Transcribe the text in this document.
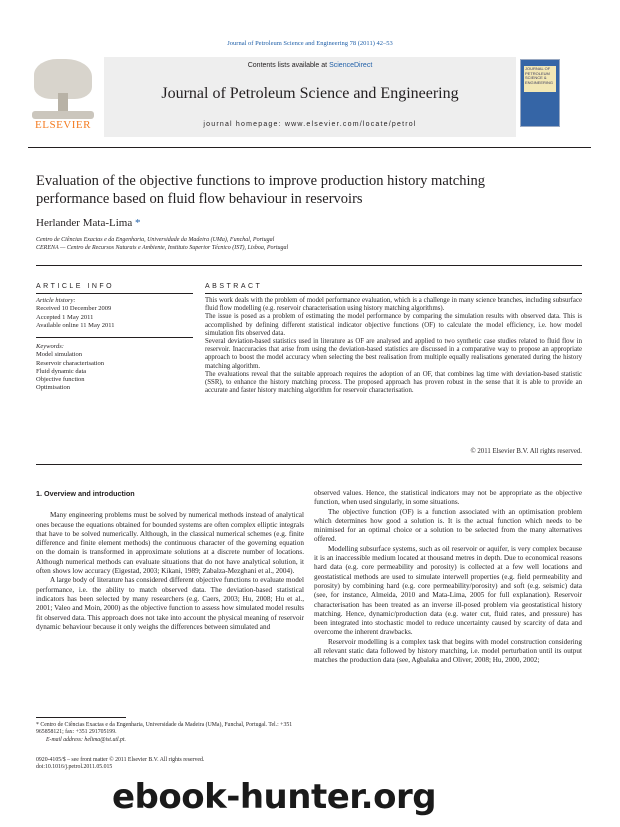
Journal of Petroleum Science and Engineering 78 (2011) 42–53
ELSEVIER
Contents lists available at ScienceDirect
Journal of Petroleum Science and Engineering
journal homepage: www.elsevier.com/locate/petrol
JOURNAL OF PETROLEUM SCIENCE & ENGINEERING
Evaluation of the objective functions to improve production history matching performance based on fluid flow behaviour in reservoirs
Herlander Mata-Lima *
Centro de Ciências Exactas e da Engenharia, Universidade da Madeira (UMa), Funchal, Portugal
CERENA — Centro de Recursos Naturais e Ambiente, Instituto Superior Técnico (IST), Lisboa, Portugal
ARTICLE INFO	ABSTRACT
Article history:
Received 10 December 2009
Accepted 1 May 2011
Available online 11 May 2011
Keywords:
Model simulation
Reservoir characterisation
Fluid dynamic data
Objective function
Optimisation

This work deals with the problem of model performance evaluation, which is a challenge in many science branches, including subsurface fluid flow modelling (e.g. reservoir characterisation using history matching algorithms).

The issue is posed as a problem of estimating the model performance by comparing the simulation results with observed data. This is accomplished by defining different statistical indicator objective functions (OF) to calculate the model efficiency, i.e. how model simulation fits observed data.

Several deviation-based statistics used in literature as OF are analysed and applied to two synthetic case studies related to fluid flow in reservoir. Inaccuracies that arise from using the deviation-based statistics are discussed in a comparative way to propose an appropriate approach to boost the model accuracy when selecting the best realisation from multiple equally realisations generated during the history matching algorithm.

The evaluations reveal that the suitable approach requires the adoption of an OF, that combines lag time with deviation-based statistic (SSR), to enhance the history matching process. The proposed approach has proven robust in the sense that it is able to provide an accurate and faster history matching algorithm for reservoir characterisation.

© 2011 Elsevier B.V. All rights reserved.
1. Overview and introduction

Many engineering problems must be solved by numerical methods instead of analytical ones because the equations obtained for bounded systems are often complex elliptic integrals that have to be solved numerically. Although, in the classical numerical schemes (e.g. finite difference and finite element methods) the continuous character of the governing equation on the domain is transformed in approximate solutions at a discrete number of locations. Although numerical methods can evaluate situations that do not have analytical solution, it often shows low accuracy (Eigestad, 2003; Kikani, 1989; Zabalza-Mezghani et al., 2004).

A large body of literature has considered different objective functions to evaluate model performance, i.e. the ability to match observed data. The deviation-based statistical indicators has been selected by many researchers (e.g. Caers, 2003; Hu, 2008; Hu et al., 2001; Valeo and Moin, 2000) as the objective function to assess how simulated model results fit observed data. This approach does not take into account the physical meaning of reservoir dynamic behaviour because it only weighs the differences between simulated and

observed values. Hence, the statistical indicators may not be appropriate as the objective function, when used singularly, in some situations.

The objective function (OF) is a function associated with an optimisation problem which determines how good a solution is. It is the actual function which needs to be minimised for an optimal choice or a solution to be selected from the many alternatives offered.

Modelling subsurface systems, such as oil reservoir or aquifer, is very complex because it is an inaccessible medium located at thousand metres in depth. Due to economical reasons hard data (e.g. core permeability and porosity) is collected at a few well locations and geostatistical methods are used to simulate interwell properties (e.g. field permeability and porosity) by combining hard (e.g. core permeability/porosity) and soft (e.g. seismic) data (see, for instance, Almeida, 2010 and Mata-Lima, 2005 for full explanation). Reservoir characterisation has been treated as an inverse ill-posed problem via geostatistical history matching. Hence, dynamic/production data (e.g. water cut, fluid rates, and pressure) has been integrated into stochastic model to reduce uncertainty caused by scarcity of data and overcome the inherent drawbacks.

Reservoir modelling is a complex task that begins with model construction considering all relevant static data followed by history matching, i.e. model perturbation until its output matches the production data (see, Agbalaka and Oliver, 2008; Hu, 2000, 2002;

* Centro de Ciências Exactas e da Engenharia, Universidade da Madeira (UMa), Funchal, Portugal. Tel.: +351 965858121; fax: +351 291705199.
E-mail address: helima@ist.utl.pt.
0920-4105/$ – see front matter © 2011 Elsevier B.V. All rights reserved.
doi:10.1016/j.petrol.2011.05.015
ebook-hunter.org
